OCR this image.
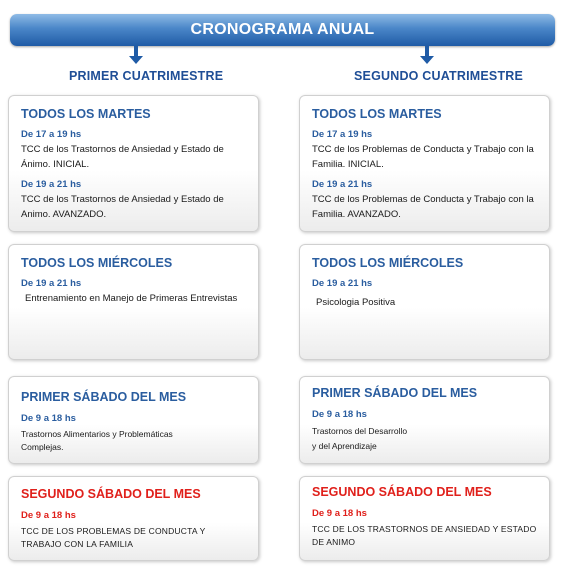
CRONOGRAMA ANUAL
PRIMER CUATRIMESTRE	SEGUNDO CUATRIMESTRE
TODOS LOS MARTES
De 17 a 19 hs
TCC de los Trastornos de Ansiedad y Estado de Ánimo. INICIAL.
De 19 a 21 hs
TCC de los Trastornos de Ansiedad y Estado de Animo. AVANZADO.
TODOS LOS MARTES
De 17 a 19 hs
TCC de los Problemas de Conducta y Trabajo con la Familia. INICIAL.
De 19 a 21 hs
TCC de los Problemas de Conducta y Trabajo con la Familia. AVANZADO.
TODOS LOS MIÉRCOLES
De 19 a 21 hs
Entrenamiento en Manejo de Primeras Entrevistas
TODOS LOS MIÉRCOLES
De 19 a 21 hs
Psicologia Positiva
PRIMER SÁBADO DEL MES
De 9 a 18 hs
Trastornos Alimentarios y Problemáticas Complejas.
PRIMER SÁBADO DEL MES
De 9 a 18 hs
Trastornos del Desarrollo
y del Aprendizaje
SEGUNDO SÁBADO DEL MES
De 9 a 18 hs
TCC DE LOS PROBLEMAS DE CONDUCTA Y TRABAJO CON LA FAMILIA
SEGUNDO SÁBADO DEL MES
De 9 a 18 hs
TCC DE LOS TRASTORNOS DE ANSIEDAD Y ESTADO DE ANIMO
